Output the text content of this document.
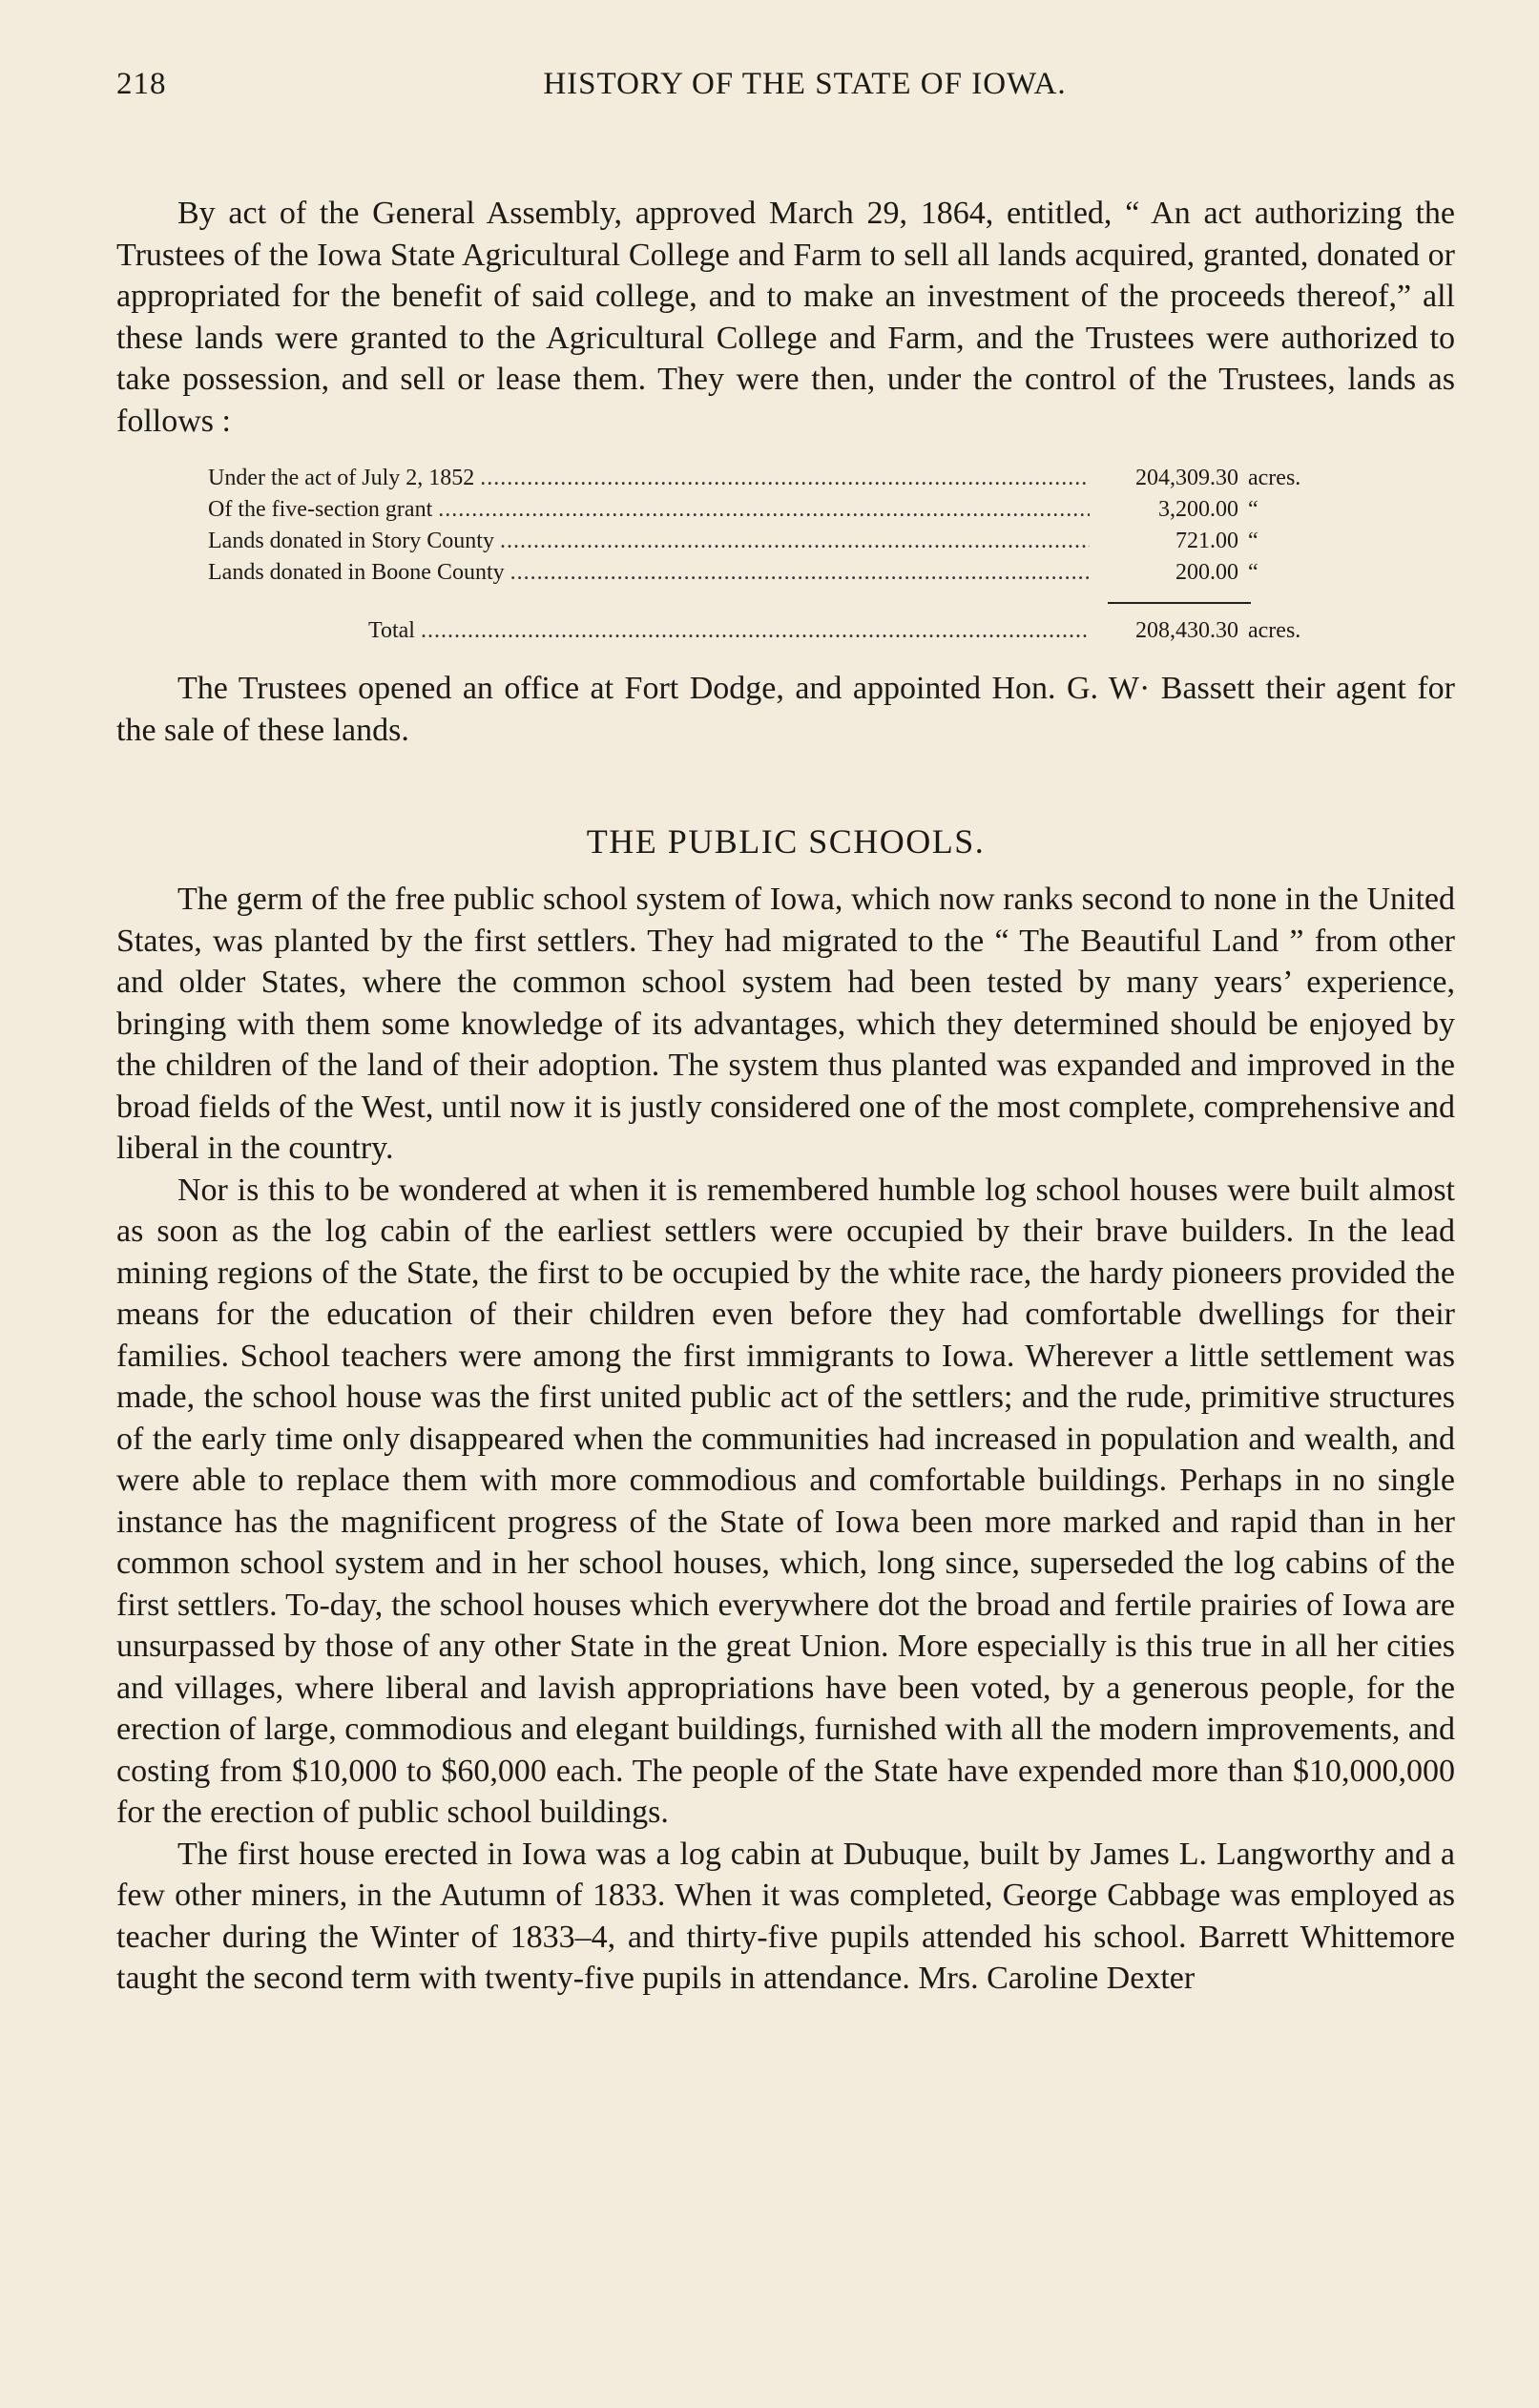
218	HISTORY OF THE STATE OF IOWA.

By act of the General Assembly, approved March 29, 1864, entitled, “ An act authorizing the Trustees of the Iowa State Agricultural College and Farm to sell all lands acquired, granted, donated or appropriated for the benefit of said college, and to make an investment of the proceeds thereof,” all these lands were granted to the Agricultural College and Farm, and the Trustees were authorized to take possession, and sell or lease them. They were then, under the control of the Trustees, lands as follows :

Under the act of July 2, 1852 .....	204,309.30 acres.
Of the five-section grant .....	3,200.00 “
Lands donated in Story County .....	721.00 “
Lands donated in Boone County .....	200.00 “
Total .....	208,430.30 acres.

The Trustees opened an office at Fort Dodge, and appointed Hon. G. W· Bassett their agent for the sale of these lands.

THE PUBLIC SCHOOLS.

The germ of the free public school system of Iowa, which now ranks second to none in the United States, was planted by the first settlers. They had migrated to the “ The Beautiful Land ” from other and older States, where the common school system had been tested by many years’ experience, bringing with them some knowledge of its advantages, which they determined should be enjoyed by the children of the land of their adoption. The system thus planted was expanded and improved in the broad fields of the West, until now it is justly considered one of the most complete, comprehensive and liberal in the country.

Nor is this to be wondered at when it is remembered humble log school houses were built almost as soon as the log cabin of the earliest settlers were occupied by their brave builders. In the lead mining regions of the State, the first to be occupied by the white race, the hardy pioneers provided the means for the education of their children even before they had comfortable dwellings for their families. School teachers were among the first immigrants to Iowa. Wherever a little settlement was made, the school house was the first united public act of the settlers; and the rude, primitive structures of the early time only disappeared when the communities had increased in population and wealth, and were able to replace them with more commodious and comfortable buildings. Perhaps in no single instance has the magnificent progress of the State of Iowa been more marked and rapid than in her common school system and in her school houses, which, long since, superseded the log cabins of the first settlers. To-day, the school houses which everywhere dot the broad and fertile prairies of Iowa are unsurpassed by those of any other State in the great Union. More especially is this true in all her cities and villages, where liberal and lavish appropriations have been voted, by a generous people, for the erection of large, commodious and elegant buildings, furnished with all the modern improvements, and costing from $10,000 to $60,000 each. The people of the State have expended more than $10,000,000 for the erection of public school buildings.

The first house erected in Iowa was a log cabin at Dubuque, built by James L. Langworthy and a few other miners, in the Autumn of 1833. When it was completed, George Cabbage was employed as teacher during the Winter of 1833–4, and thirty-five pupils attended his school. Barrett Whittemore taught the second term with twenty-five pupils in attendance. Mrs. Caroline Dexter
